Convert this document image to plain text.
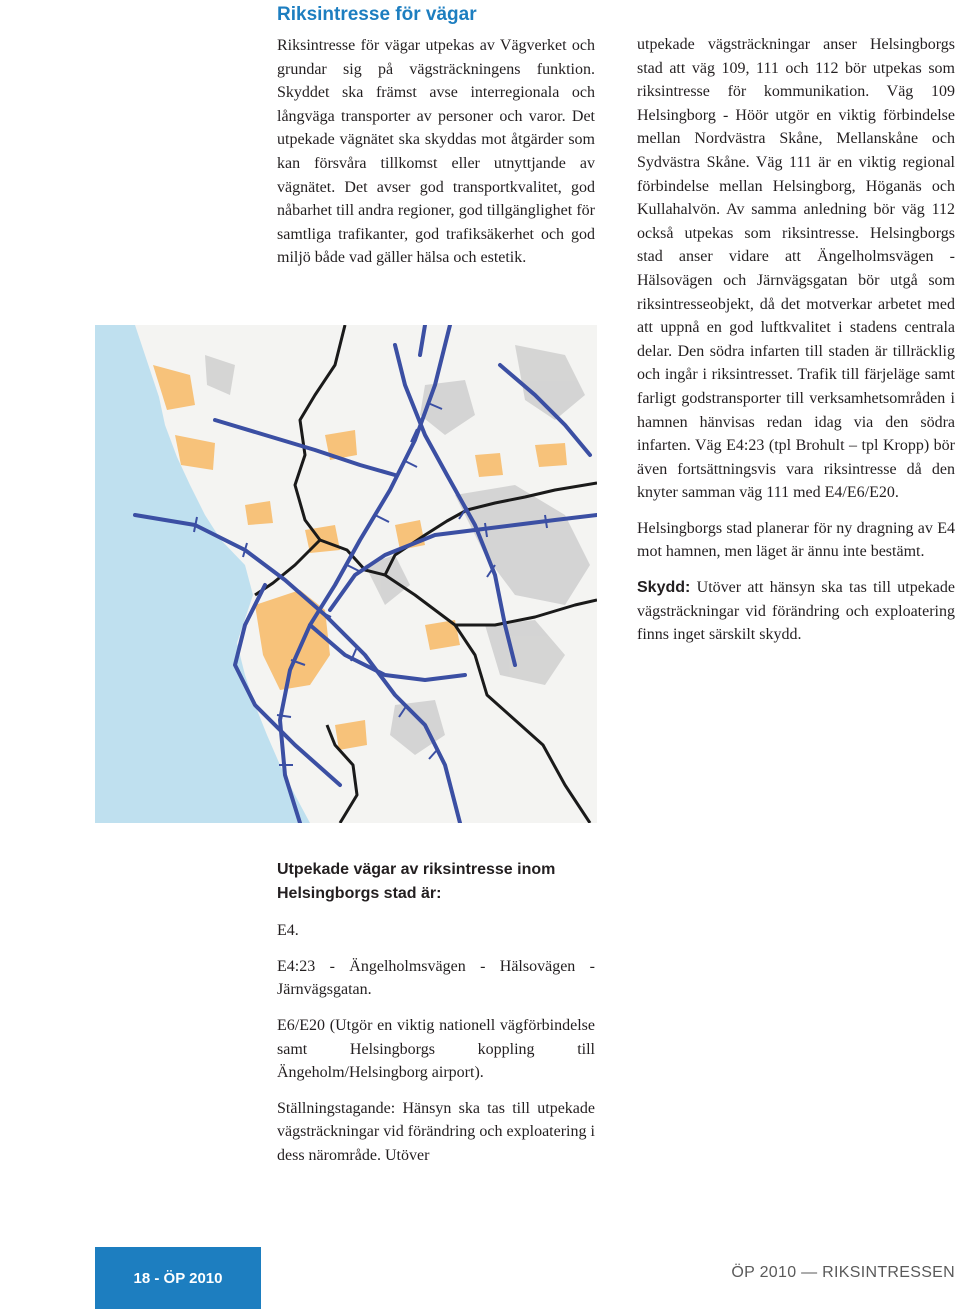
Riksintresse för vägar

Riksintresse för vägar utpekas av Vägverket och grundar sig på vägsträckningens funktion. Skyddet ska främst avse interregionala och långväga transporter av personer och varor. Det utpekade vägnätet ska skyddas mot åtgärder som kan försvåra tillkomst eller utnyttjande av vägnätet. Det avser god transportkvalitet, god nåbarhet till andra regioner, god tillgänglighet för samtliga trafikanter, god trafiksäkerhet och god miljö både vad gäller hälsa och estetik.

utpekade vägsträckningar anser Helsingborgs stad att väg 109, 111 och 112 bör utpekas som riksintresse för kommunikation. Väg 109 Helsingborg - Höör utgör en viktig förbindelse mellan Nordvästra Skåne, Mellanskåne och Sydvästra Skåne. Väg 111 är en viktig regional förbindelse mellan Helsingborg, Höganäs och Kullahalvön. Av samma anledning bör väg 112 också utpekas som riksintresse. Helsingborgs stad anser vidare att Ängelholmsvägen - Hälsovägen och Järnvägsgatan bör utgå som riksintresseobjekt, då det motverkar arbetet med att uppnå en god luftkvalitet i stadens centrala delar. Den södra infarten till staden är tillräcklig och ingår i riksintresset. Trafik till färjeläge samt farligt godstransporter till verksamhetsområden i hamnen hänvisas redan idag via den södra infarten. Väg E4:23 (tpl Brohult – tpl Kropp) bör även fortsättningsvis vara riksintresse då den knyter samman väg 111 med E4/E6/E20.

Helsingborgs stad planerar för ny dragning av E4 mot hamnen, men läget är ännu inte bestämt.

Skydd: Utöver att hänsyn ska tas till utpekade vägsträckningar vid förändring och exploatering finns inget särskilt skydd.

Utpekade vägar av riksintresse inom Helsingborgs stad är:

E4.

E4:23 - Ängelholmsvägen - Hälsovägen - Järnvägsgatan.

E6/E20 (Utgör en viktig nationell vägförbindelse samt Helsingborgs koppling till Ängeholm/Helsingborg airport).

Ställningstagande: Hänsyn ska tas till utpekade vägsträckningar vid förändring och exploatering i dess närområde. Utöver

18 - ÖP 2010	ÖP 2010 — RIKSINTRESSEN
